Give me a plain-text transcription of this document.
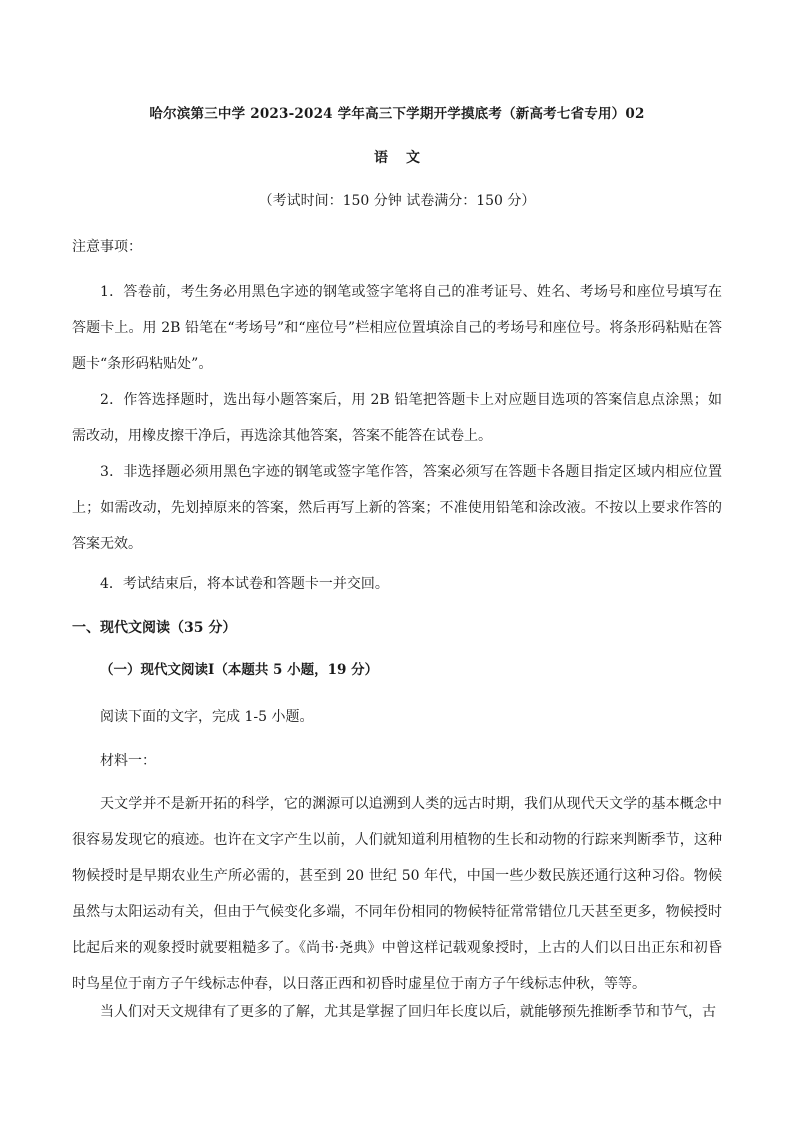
哈尔滨第三中学 2023-2024 学年高三下学期开学摸底考（新高考七省专用）02
语文
（考试时间：150 分钟 试卷满分：150 分）
注意事项：
1．答卷前，考生务必用黑色字迹的钢笔或签字笔将自己的准考证号、姓名、考场号和座位号填写在答题卡上。用 2B 铅笔在“考场号”和“座位号”栏相应位置填涂自己的考场号和座位号。将条形码粘贴在答题卡“条形码粘贴处”。
2．作答选择题时，选出每小题答案后，用 2B 铅笔把答题卡上对应题目选项的答案信息点涂黑；如需改动，用橡皮擦干净后，再选涂其他答案，答案不能答在试卷上。
3．非选择题必须用黑色字迹的钢笔或签字笔作答，答案必须写在答题卡各题目指定区域内相应位置上；如需改动，先划掉原来的答案，然后再写上新的答案；不准使用铅笔和涂改液。不按以上要求作答的答案无效。
4．考试结束后，将本试卷和答题卡一并交回。
一、现代文阅读（35 分）
（一）现代文阅读Ⅰ（本题共 5 小题，19 分）
阅读下面的文字，完成 1-5 小题。
材料一：
天文学并不是新开拓的科学，它的渊源可以追溯到人类的远古时期，我们从现代天文学的基本概念中很容易发现它的痕迹。也许在文字产生以前，人们就知道利用植物的生长和动物的行踪来判断季节，这种物候授时是早期农业生产所必需的，甚至到 20 世纪 50 年代，中国一些少数民族还通行这种习俗。物候虽然与太阳运动有关，但由于气候变化多端，不同年份相同的物候特征常常错位几天甚至更多，物候授时比起后来的观象授时就要粗糙多了。《尚书·尧典》中曾这样记载观象授时，上古的人们以日出正东和初昏时鸟星位于南方子午线标志仲春，以日落正西和初昏时虚星位于南方子午线标志仲秋，等等。
当人们对天文规律有了更多的了解，尤其是掌握了回归年长度以后，就能够预先推断季节和节气，古
